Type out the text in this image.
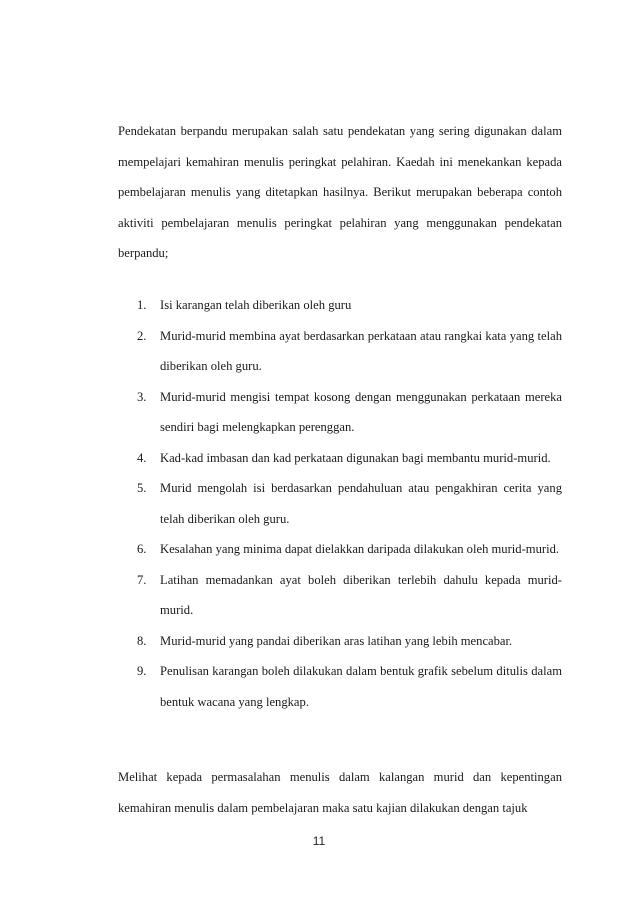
Pendekatan berpandu merupakan salah satu pendekatan yang sering digunakan dalam mempelajari kemahiran menulis peringkat pelahiran. Kaedah ini menekankan kepada pembelajaran menulis yang ditetapkan hasilnya. Berikut merupakan beberapa contoh aktiviti pembelajaran menulis peringkat pelahiran yang menggunakan pendekatan berpandu;

1. Isi karangan telah diberikan oleh guru
2. Murid-murid membina ayat berdasarkan perkataan atau rangkai kata yang telah diberikan oleh guru.
3. Murid-murid mengisi tempat kosong dengan menggunakan perkataan mereka sendiri bagi melengkapkan perenggan.
4. Kad-kad imbasan dan kad perkataan digunakan bagi membantu murid-murid.
5. Murid mengolah isi berdasarkan pendahuluan atau pengakhiran cerita yang telah diberikan oleh guru.
6. Kesalahan yang minima dapat dielakkan daripada dilakukan oleh murid-murid.
7. Latihan memadankan ayat boleh diberikan terlebih dahulu kepada murid-murid.
8. Murid-murid yang pandai diberikan aras latihan yang lebih mencabar.
9. Penulisan karangan boleh dilakukan dalam bentuk grafik sebelum ditulis dalam bentuk wacana yang lengkap.

Melihat kepada permasalahan menulis dalam kalangan murid dan kepentingan kemahiran menulis dalam pembelajaran maka satu kajian dilakukan dengan tajuk

11
